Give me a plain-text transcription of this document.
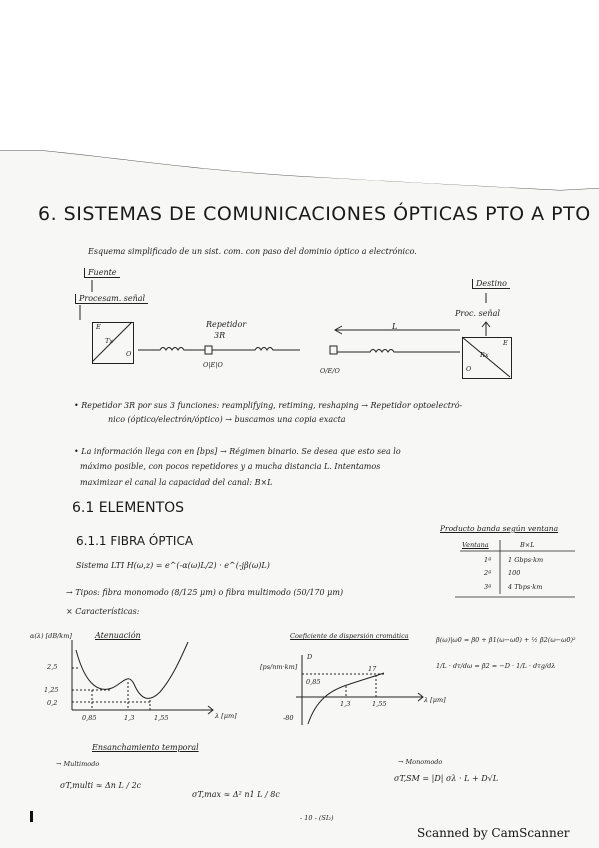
6. SISTEMAS DE COMUNICACIONES ÓPTICAS PTO A PTO
Esquema simplificado de un sist. com. con paso del dominio óptico a electrónico.
Fuente
Procesam. señal
Destino
Proc. señal
Repetidor
3R
O|E|O
O/E/O
L
Tx
E
O	Rx
E
O
• Repetidor 3R por sus 3 funciones: reamplifying, retiming, reshaping → Repetidor optoelectró-
nico (óptico/electrón/óptico) → buscamos una copia exacta
• La información llega con en [bps] → Régimen binario. Se desea que esto sea lo
máximo posible, con pocos repetidores y a mucha distancia L. Intentamos
maximizar el canal la capacidad del canal: B×L
6.1 ELEMENTOS
6.1.1 FIBRA ÓPTICA
Sistema LTI H(ω,z) = e^(-α(ω)L/2) · e^(-jβ(ω)L)
→ Tipos: fibra monomodo (8/125 μm) o fibra multimodo (50/170 μm)
× Características:
Producto banda según ventana
Ventana	B×L
1ª	1 Gbps·km
2ª	100
3ª	4 Tbps·km
Atenuación
α(λ) [dB/km]
2,5
1,25
0,2
0,85	1,3	1,55	λ [μm]
Coeficiente de dispersión cromática
D
[ps/nm·km]	17
-80
0,85
1,3	1,55	λ [μm]
β(ω)|ω0 = β0 + β1(ω−ω0) + ½ β2(ω−ω0)²
1/L · dτ/dω = β2 = −D · 1/L · dτg/dλ
Ensanchamiento temporal
→ Multimodo
σT,multi ≈ Δn L / 2c
σT,max ≈ Δ² n1 L / 8c
→ Monomodo
σT,SM = |D| σλ · L + D√L
- 10 - (SI₂)
Scanned by CamScanner
